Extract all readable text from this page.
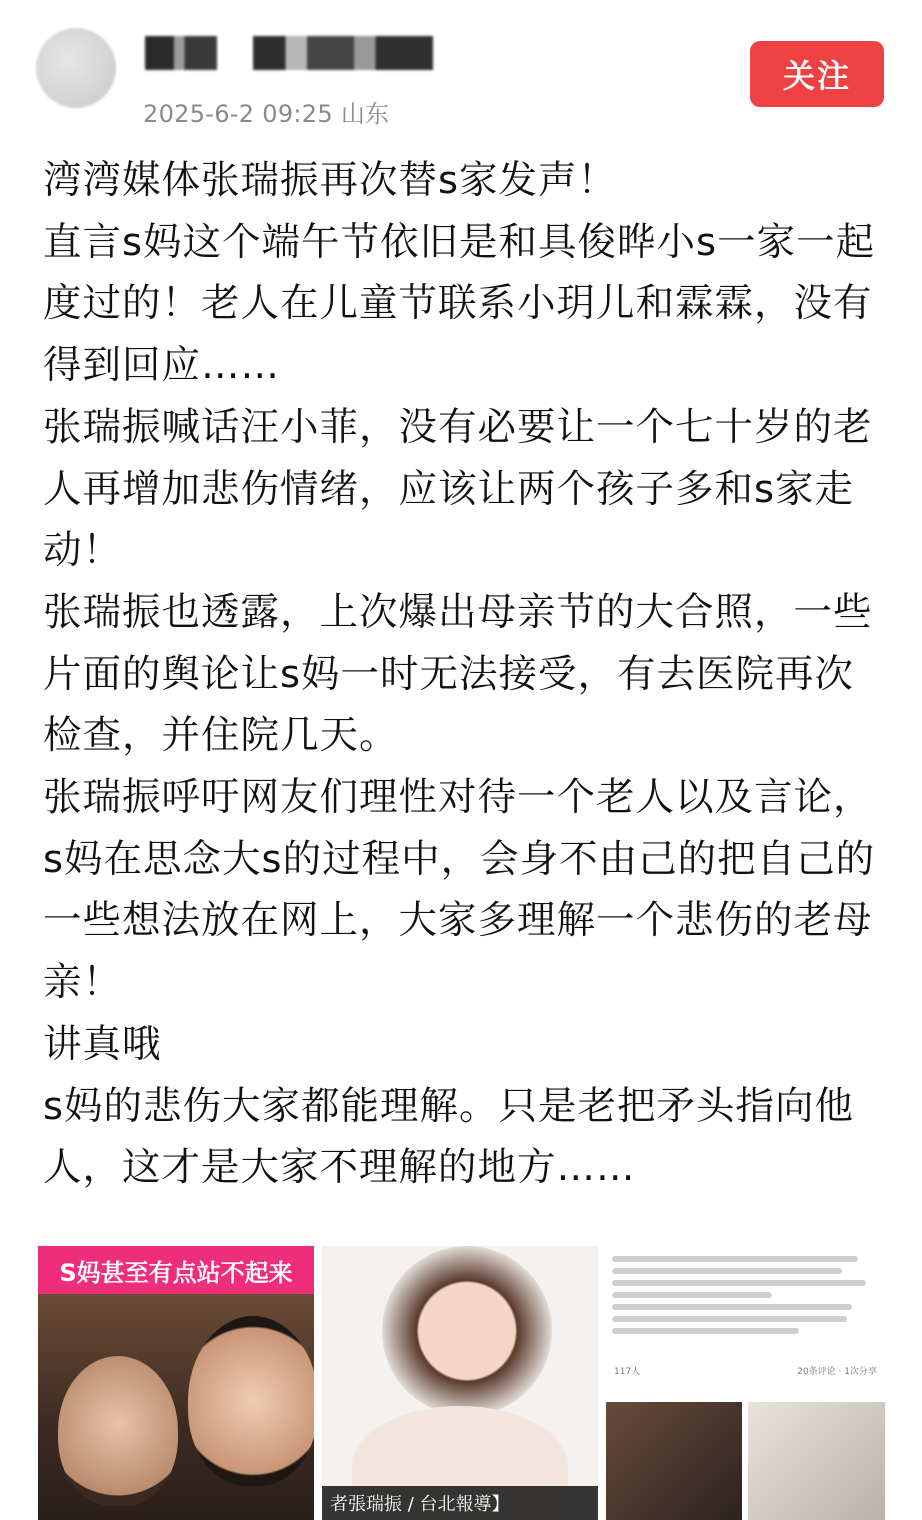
2025-6-2 09:25 山东
关注

湾湾媒体张瑞振再次替s家发声！

直言s妈这个端午节依旧是和具俊晔小s一家一起度过的！老人在儿童节联系小玥儿和霖霖，没有得到回应……

张瑞振喊话汪小菲，没有必要让一个七十岁的老人再增加悲伤情绪，应该让两个孩子多和s家走动！

张瑞振也透露，上次爆出母亲节的大合照，一些片面的舆论让s妈一时无法接受，有去医院再次检查，并住院几天。

张瑞振呼吁网友们理性对待一个老人以及言论，s妈在思念大s的过程中，会身不由己的把自己的一些想法放在网上，大家多理解一个悲伤的老母亲！

讲真哦

s妈的悲伤大家都能理解。只是老把矛头指向他人，这才是大家不理解的地方……

S妈甚至有点站不起来
者張瑞振 / 台北報導】
117人	20条评论 · 1次分享
